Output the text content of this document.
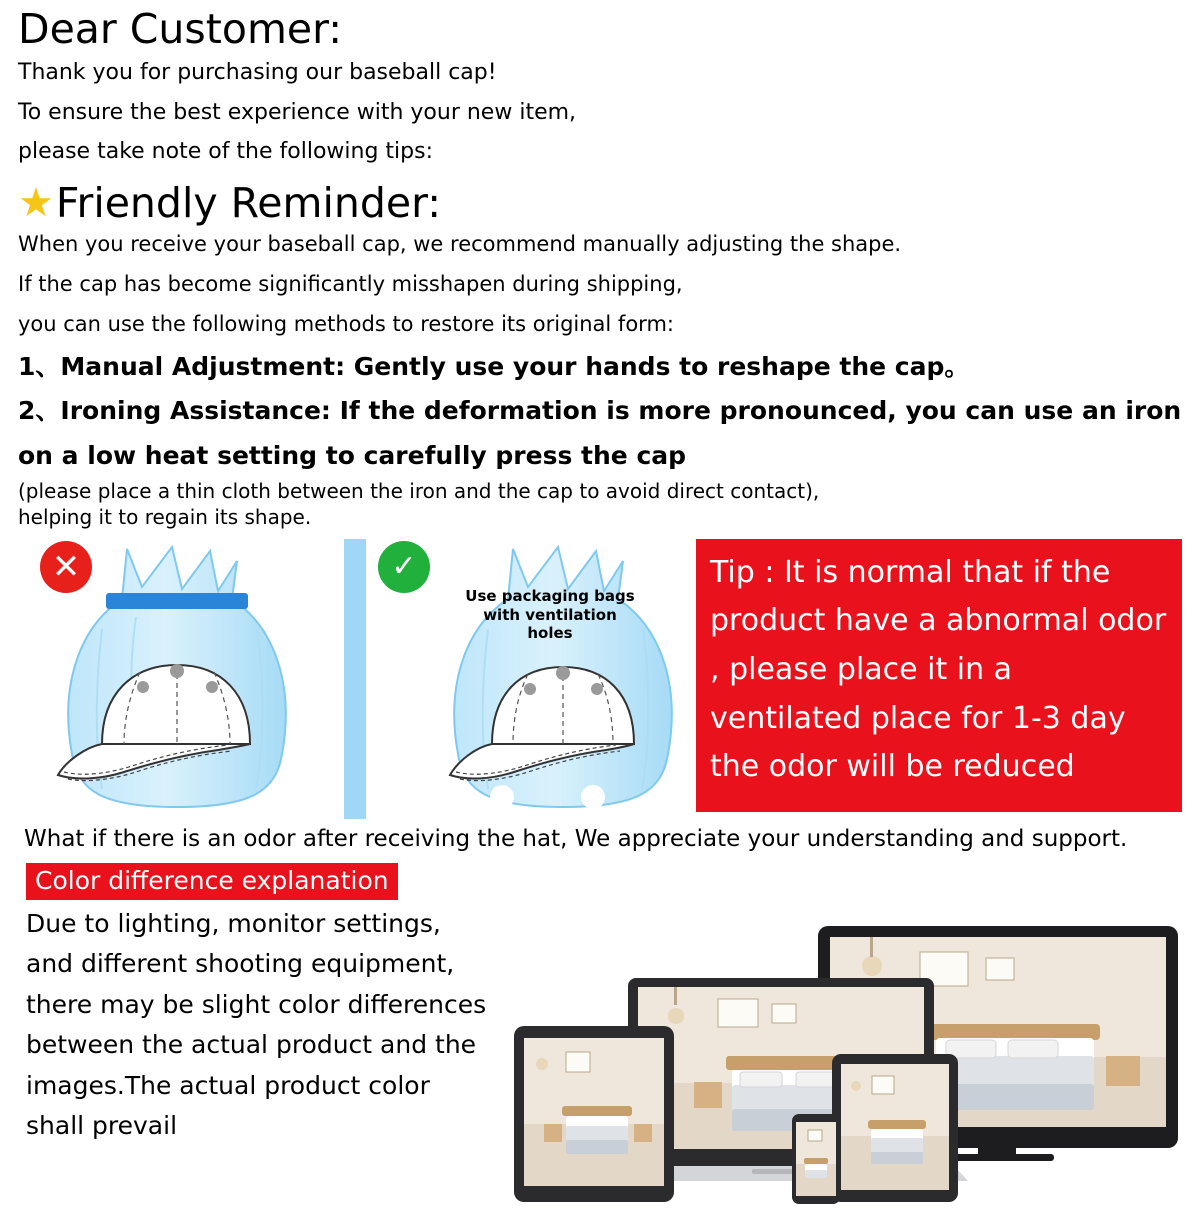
Dear Customer:

Thank you for purchasing our baseball cap!

To ensure the best experience with your new item,

please take note of the following tips:

★ Friendly Reminder:

When you receive your baseball cap, we recommend manually adjusting the shape.

If the cap has become significantly misshapen during shipping,

you can use the following methods to restore its original form:

1、Manual Adjustment: Gently use your hands to reshape the cap。

2、Ironing Assistance: If the deformation is more pronounced, you can use an iron

on a low heat setting to carefully press the cap

(please place a thin cloth between the iron and the cap to avoid direct contact),

helping it to regain its shape.

✕	✓
Use packaging bags
with ventilation holes
Tip : It is normal that if the product have a abnormal odor , please place it in a ventilated place for 1-3 day the odor will be reduced

What if there is an odor after receiving the hat, We appreciate your understanding and support.

Color difference explanation
Due to lighting, monitor settings,
and different shooting equipment,
there may be slight color differences
between the actual product and the
images.The actual product color
shall prevail
